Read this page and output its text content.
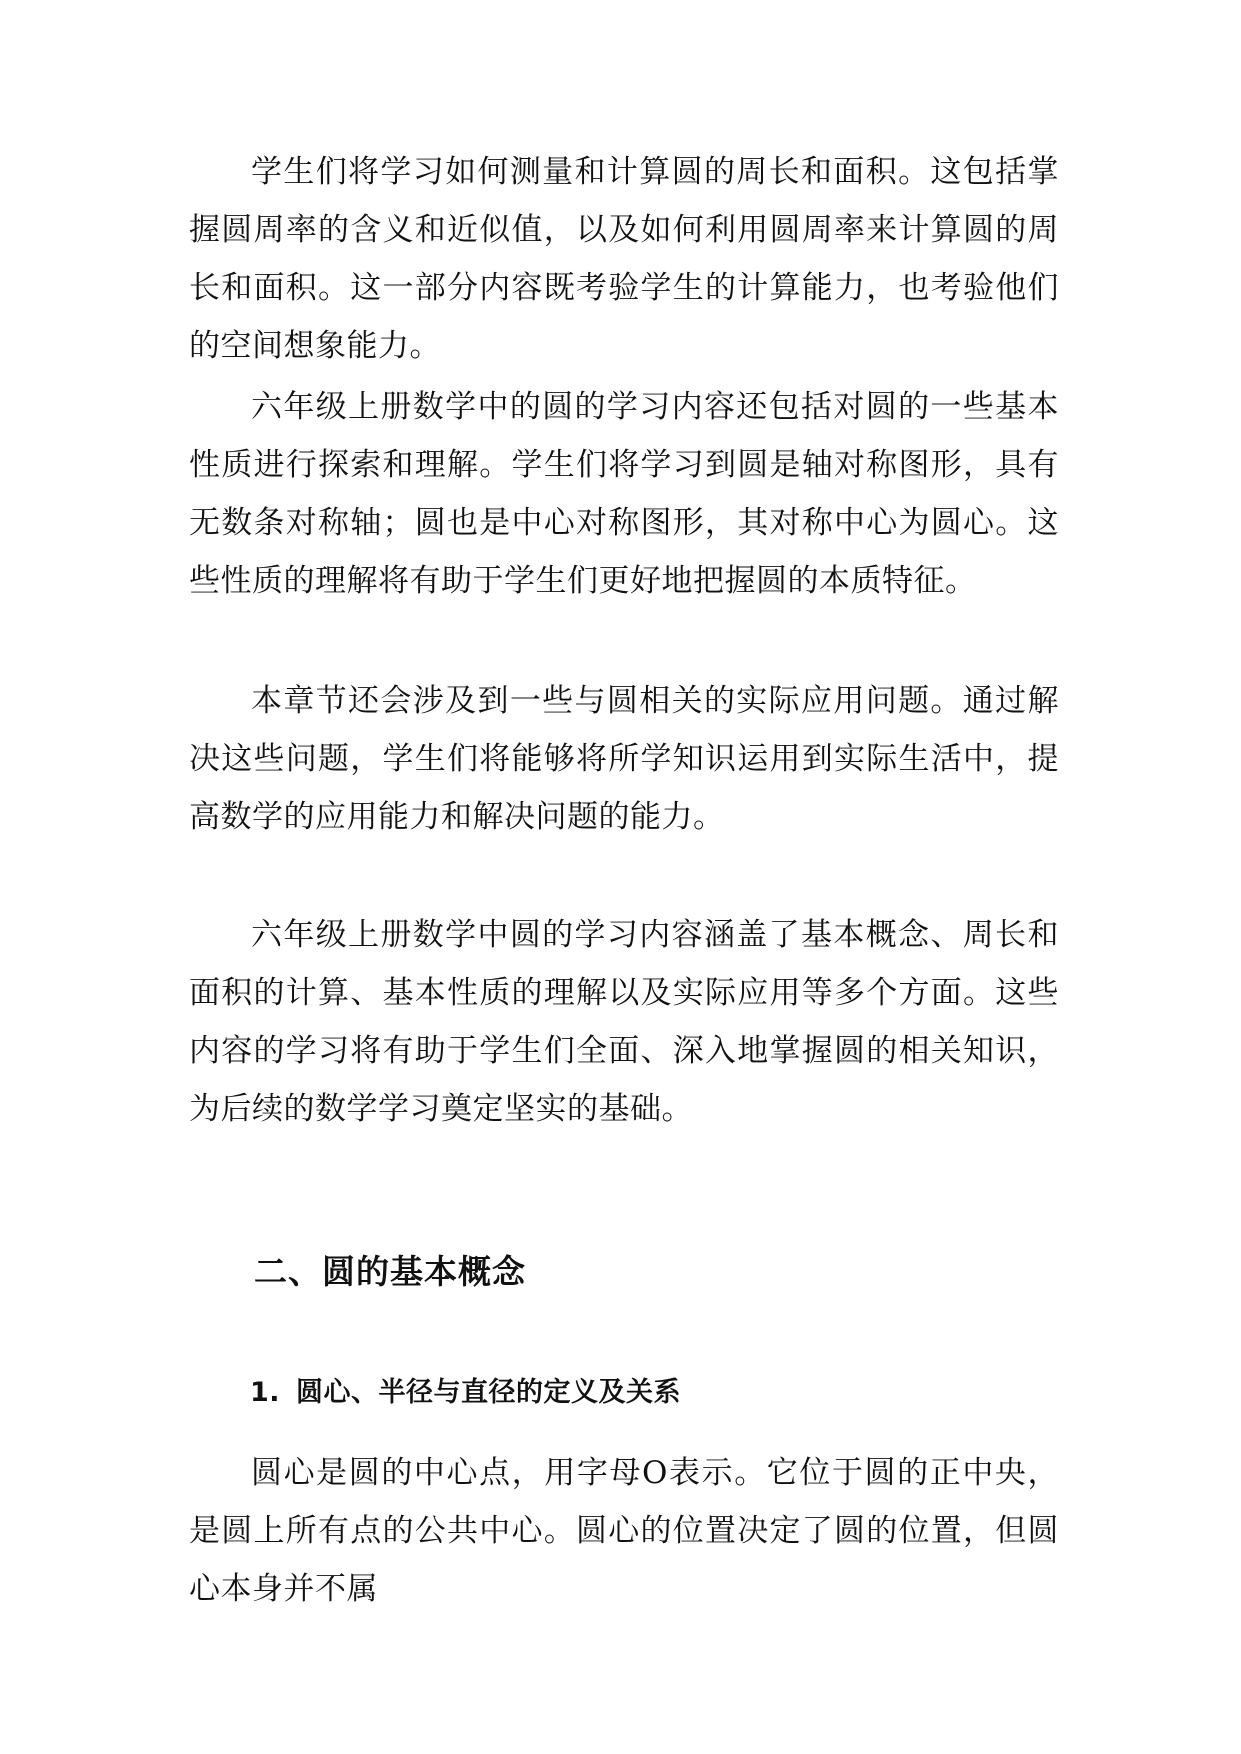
学生们将学习如何测量和计算圆的周长和面积。这包括掌握圆周率的含义和近似值，以及如何利用圆周率来计算圆的周长和面积。这一部分内容既考验学生的计算能力，也考验他们的空间想象能力。

六年级上册数学中的圆的学习内容还包括对圆的一些基本性质进行探索和理解。学生们将学习到圆是轴对称图形，具有无数条对称轴；圆也是中心对称图形，其对称中心为圆心。这些性质的理解将有助于学生们更好地把握圆的本质特征。

本章节还会涉及到一些与圆相关的实际应用问题。通过解决这些问题，学生们将能够将所学知识运用到实际生活中，提高数学的应用能力和解决问题的能力。

六年级上册数学中圆的学习内容涵盖了基本概念、周长和面积的计算、基本性质的理解以及实际应用等多个方面。这些内容的学习将有助于学生们全面、深入地掌握圆的相关知识，为后续的数学学习奠定坚实的基础。

二、圆的基本概念
1. 圆心、半径与直径的定义及关系

圆心是圆的中心点，用字母O表示。它位于圆的正中央，是圆上所有点的公共中心。圆心的位置决定了圆的位置，但圆心本身并不属
